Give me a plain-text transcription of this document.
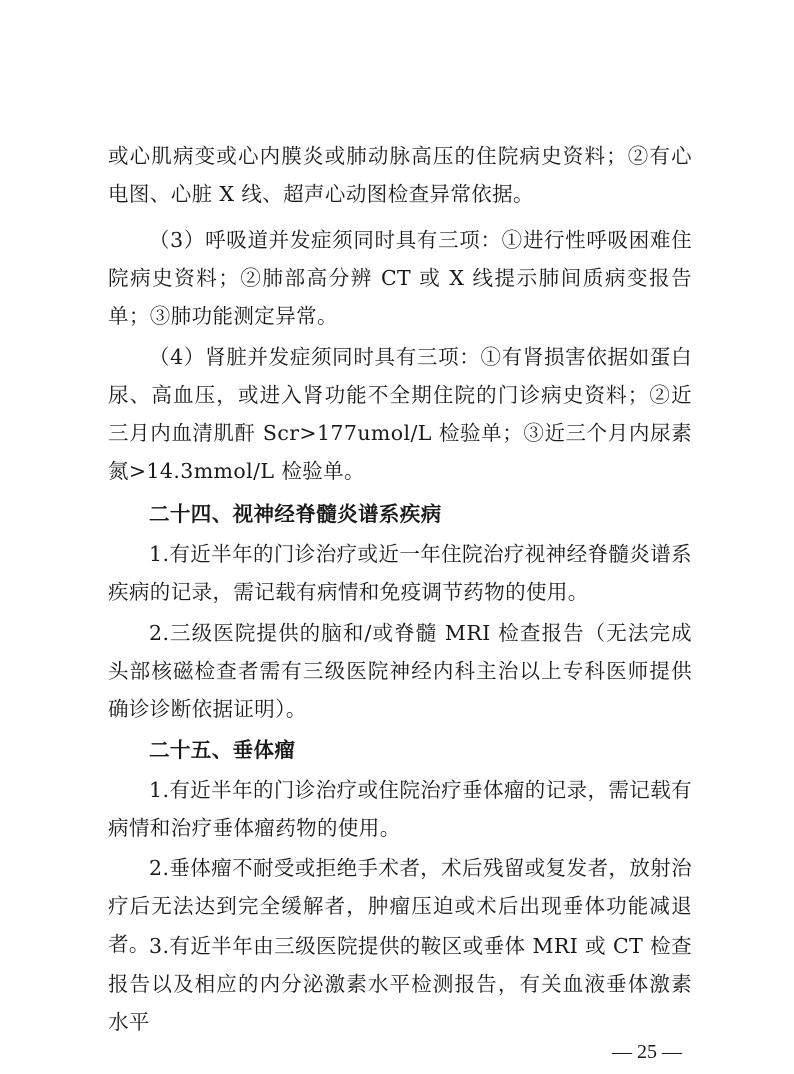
或心肌病变或心内膜炎或肺动脉高压的住院病史资料；②有心电图、心脏 X 线、超声心动图检查异常依据。

（3）呼吸道并发症须同时具有三项：①进行性呼吸困难住院病史资料；②肺部高分辨 CT 或 X 线提示肺间质病变报告单；③肺功能测定异常。

（4）肾脏并发症须同时具有三项：①有肾损害依据如蛋白尿、高血压，或进入肾功能不全期住院的门诊病史资料；②近三月内血清肌酐 Scr>177umol/L 检验单；③近三个月内尿素氮>14.3mmol/L 检验单。

二十四、视神经脊髓炎谱系疾病

1.有近半年的门诊治疗或近一年住院治疗视神经脊髓炎谱系疾病的记录，需记载有病情和免疫调节药物的使用。

2.三级医院提供的脑和/或脊髓 MRI 检查报告（无法完成头部核磁检查者需有三级医院神经内科主治以上专科医师提供确诊诊断依据证明）。

二十五、垂体瘤

1.有近半年的门诊治疗或住院治疗垂体瘤的记录，需记载有病情和治疗垂体瘤药物的使用。

2.垂体瘤不耐受或拒绝手术者，术后残留或复发者，放射治疗后无法达到完全缓解者，肿瘤压迫或术后出现垂体功能减退者。 3.有近半年由三级医院提供的鞍区或垂体 MRI 或 CT 检查报告以及相应的内分泌激素水平检测报告，有关血液垂体激素水平

— 25 —
